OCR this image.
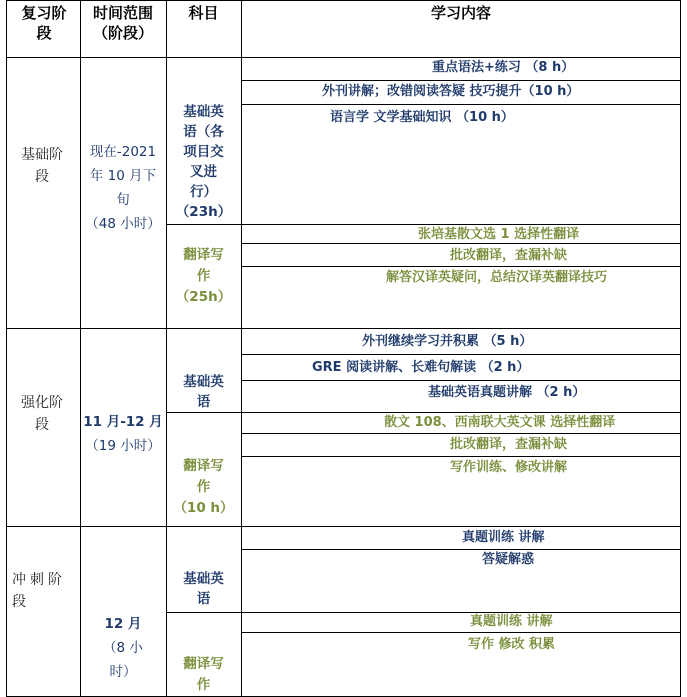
复习阶段
时间范围（阶段）
科目	学习内容
基础阶段
现在-2021
年 10 月下
旬
（48 小时）
基础英
语（各
项目交
叉进
行）
（23h）
翻译写
作
（25h）
重点语法+练习 （8 h）
外刊讲解；改错阅读答疑 技巧提升（10 h）
语言学 文学基础知识 （10 h）
张培基散文选 1 选择性翻译
批改翻译，查漏补缺
解答汉译英疑问，总结汉译英翻译技巧
强化阶段	11 月-12 月
（19 小时）
基础英
语
翻译写
作
（10 h）
外刊继续学习并积累 （5 h）
GRE 阅读讲解、长难句解读 （2 h）
基础英语真题讲解 （2 h）
散文 108、西南联大英文课 选择性翻译
批改翻译，查漏补缺
写作训练、修改讲解
冲刺阶段
12 月
（8 小
时）
基础英
语
翻译写
作
真题训练 讲解
答疑解惑
真题训练 讲解
写作 修改 积累
